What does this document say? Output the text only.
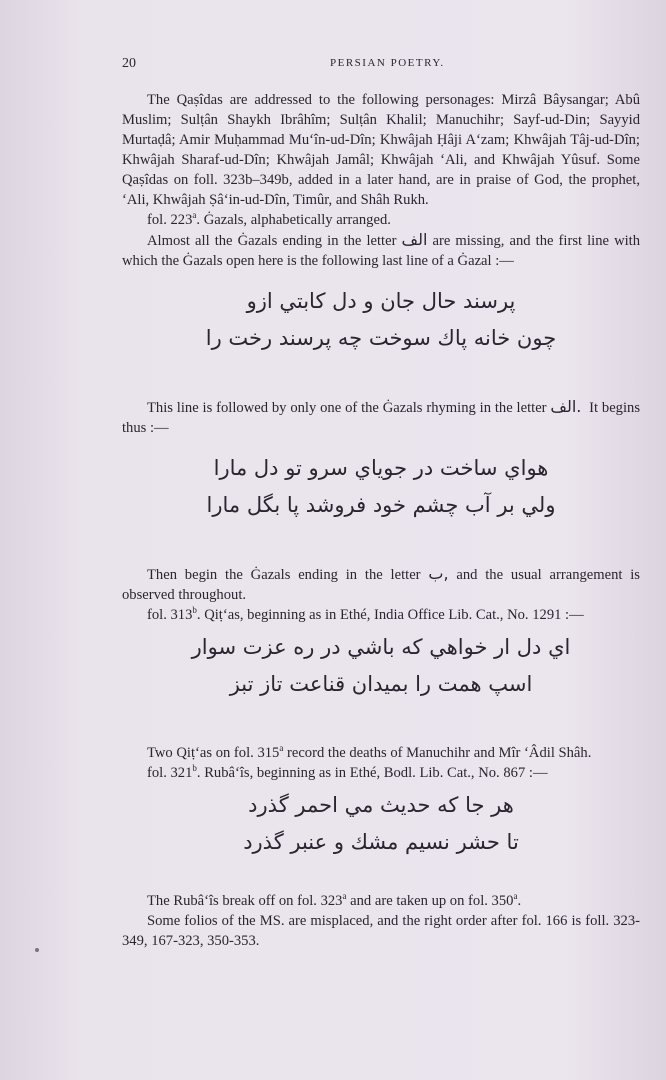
20	PERSIAN POETRY.

The Qaṣîdas are addressed to the following personages: Mirzâ Bâysangar; Abû Muslim; Sulṭân Shaykh Ibrâhîm; Sulṭân Khalil; Manuchihr; Sayf-ud-Din; Sayyid Murtaḍâ; Amir Muḥammad Mu‘în-ud-Dîn; Khwâjah Ḥâji A‘zam; Khwâjah Tâj-ud-Dîn; Khwâjah Sharaf-ud-Dîn; Khwâjah Jamâl; Khwâjah ‘Ali, and Khwâjah Yûsuf. Some Qaṣîdas on foll. 323b–349b, added in a later hand, are in praise of God, the prophet, ‘Ali, Khwâjah Ṣâ‘in-ud-Dîn, Timûr, and Shâh Rukh.

fol. 223$^a$. Ġazals, alphabetically arranged.

Almost all the Ġazals ending in the letter الف are missing, and the first line with which the Ġazals open here is the following last line of a Ġazal :—

پرسند حال جان و دل کابتي ازو
چون خانه پاك سوخت چه پرسند رخت را

This line is followed by only one of the Ġazals rhyming in the letter الف. It begins thus :—

هواي ساخت در جوياي سرو تو دل مارا
ولي بر آب چشم خود فروشد پا بگل مارا

Then begin the Ġazals ending in the letter ب, and the usual arrangement is observed throughout.

fol. 313$^b$. Qiṭ‘as, beginning as in Ethé, India Office Lib. Cat., No. 1291 :—

اي دل ار خواهي كه باشي در ره عزت سوار
اسپ همت را بميدان قناعت تاز تبز

Two Qiṭ‘as on fol. 315$^a$ record the deaths of Manuchihr and Mîr ‘Âdil Shâh.

fol. 321$^b$. Rubâ‘îs, beginning as in Ethé, Bodl. Lib. Cat., No. 867 :—

هر جا كه حديث مي احمر گذرد
تا حشر نسيم مشك و عنبر گذرد

The Rubâ‘îs break off on fol. 323$^a$ and are taken up on fol. 350$^a$.

Some folios of the MS. are misplaced, and the right order after fol. 166 is foll. 323-349, 167-323, 350-353.
